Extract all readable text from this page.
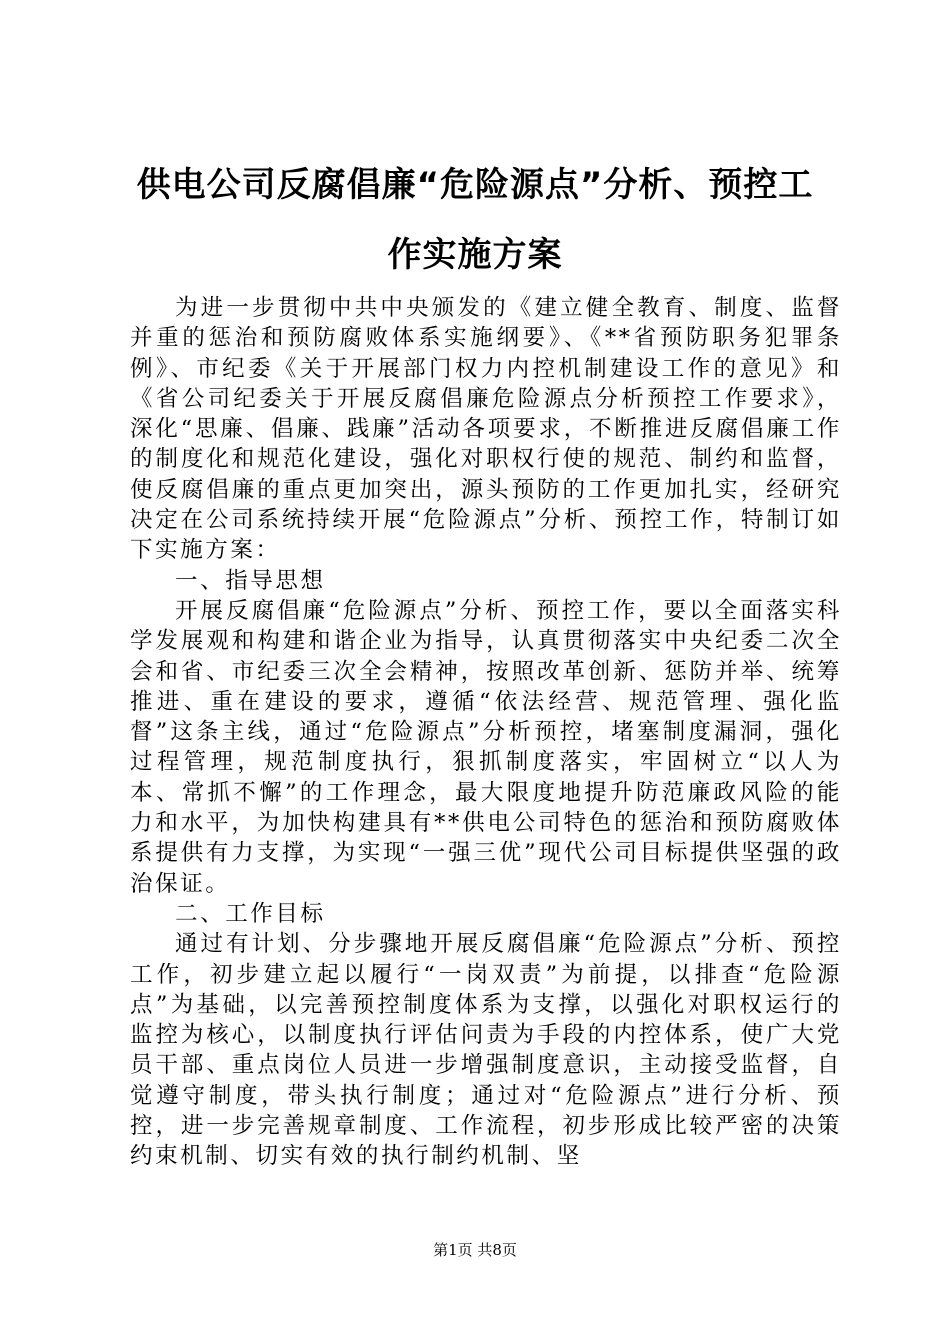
供电公司反腐倡廉“危险源点”分析、预控工
作实施方案

为进一步贯彻中共中央颁发的《建立健全教育、制度、监督并重的惩治和预防腐败体系实施纲要》、《**省预防职务犯罪条例》、市纪委《关于开展部门权力内控机制建设工作的意见》和《省公司纪委关于开展反腐倡廉危险源点分析预控工作要求》，深化“思廉、倡廉、践廉”活动各项要求，不断推进反腐倡廉工作的制度化和规范化建设，强化对职权行使的规范、制约和监督，使反腐倡廉的重点更加突出，源头预防的工作更加扎实，经研究决定在公司系统持续开展“危险源点”分析、预控工作，特制订如下实施方案：

一、指导思想

开展反腐倡廉“危险源点”分析、预控工作，要以全面落实科学发展观和构建和谐企业为指导，认真贯彻落实中央纪委二次全会和省、市纪委三次全会精神，按照改革创新、惩防并举、统筹推进、重在建设的要求，遵循“依法经营、规范管理、强化监督”这条主线，通过“危险源点”分析预控，堵塞制度漏洞，强化过程管理，规范制度执行，狠抓制度落实，牢固树立“以人为本、常抓不懈”的工作理念，最大限度地提升防范廉政风险的能力和水平，为加快构建具有**供电公司特色的惩治和预防腐败体系提供有力支撑，为实现“一强三优”现代公司目标提供坚强的政治保证。

二、工作目标

通过有计划、分步骤地开展反腐倡廉“危险源点”分析、预控工作，初步建立起以履行“一岗双责”为前提，以排查“危险源点”为基础，以完善预控制度体系为支撑，以强化对职权运行的监控为核心，以制度执行评估问责为手段的内控体系，使广大党员干部、重点岗位人员进一步增强制度意识，主动接受监督，自觉遵守制度，带头执行制度；通过对“危险源点”进行分析、预控，进一步完善规章制度、工作流程，初步形成比较严密的决策约束机制、切实有效的执行制约机制、坚

第1页 共8页
